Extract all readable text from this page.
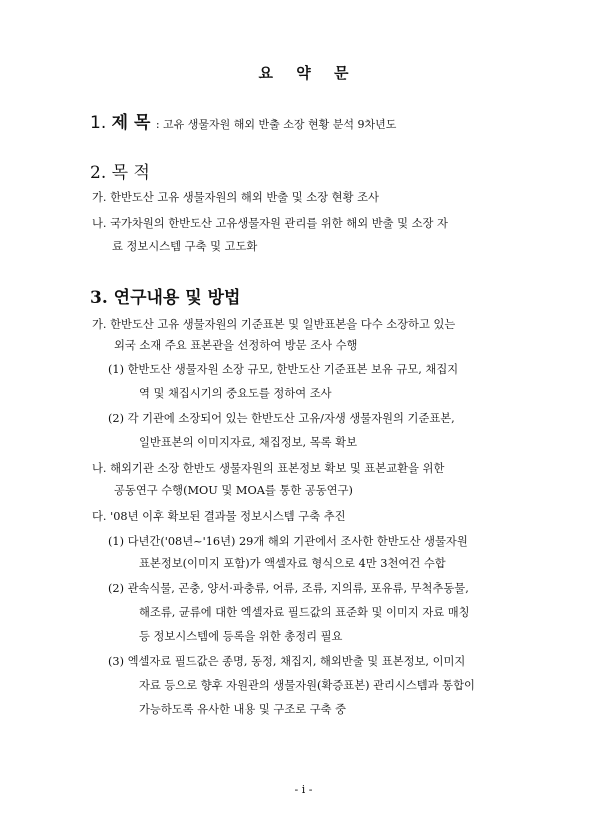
요 약 문
1. 제 목 : 고유 생물자원 해외 반출 소장 현황 분석 9차년도
2. 목 적
가. 한반도산 고유 생물자원의 해외 반출 및 소장 현황 조사
나. 국가차원의 한반도산 고유생물자원 관리를 위한 해외 반출 및 소장 자
료 정보시스템 구축 및 고도화
3. 연구내용 및 방법
가. 한반도산 고유 생물자원의 기준표본 및 일반표본을 다수 소장하고 있는
외국 소재 주요 표본관을 선정하여 방문 조사 수행
(1) 한반도산 생물자원 소장 규모, 한반도산 기준표본 보유 규모, 채집지
역 및 채집시기의 중요도를 정하여 조사
(2) 각 기관에 소장되어 있는 한반도산 고유/자생 생물자원의 기준표본,
일반표본의 이미지자료, 채집정보, 목록 확보
나. 해외기관 소장 한반도 생물자원의 표본정보 확보 및 표본교환을 위한
공동연구 수행(MOU 및 MOA를 통한 공동연구)
다. '08년 이후 확보된 결과물 정보시스템 구축 추진
(1) 다년간('08년~'16년) 29개 해외 기관에서 조사한 한반도산 생물자원
표본정보(이미지 포함)가 액셀자료 형식으로 4만 3천여건 수합
(2) 관속식물, 곤충, 양서·파충류, 어류, 조류, 지의류, 포유류, 무척추동물,
해조류, 균류에 대한 엑셀자료 필드값의 표준화 및 이미지 자료 매칭
등 정보시스템에 등록을 위한 총정리 필요
(3) 엑셀자료 필드값은 종명, 동정, 채집지, 해외반출 및 표본정보, 이미지
자료 등으로 향후 자원관의 생물자원(확증표본) 관리시스템과 통합이
가능하도록 유사한 내용 및 구조로 구축 중
- i -
